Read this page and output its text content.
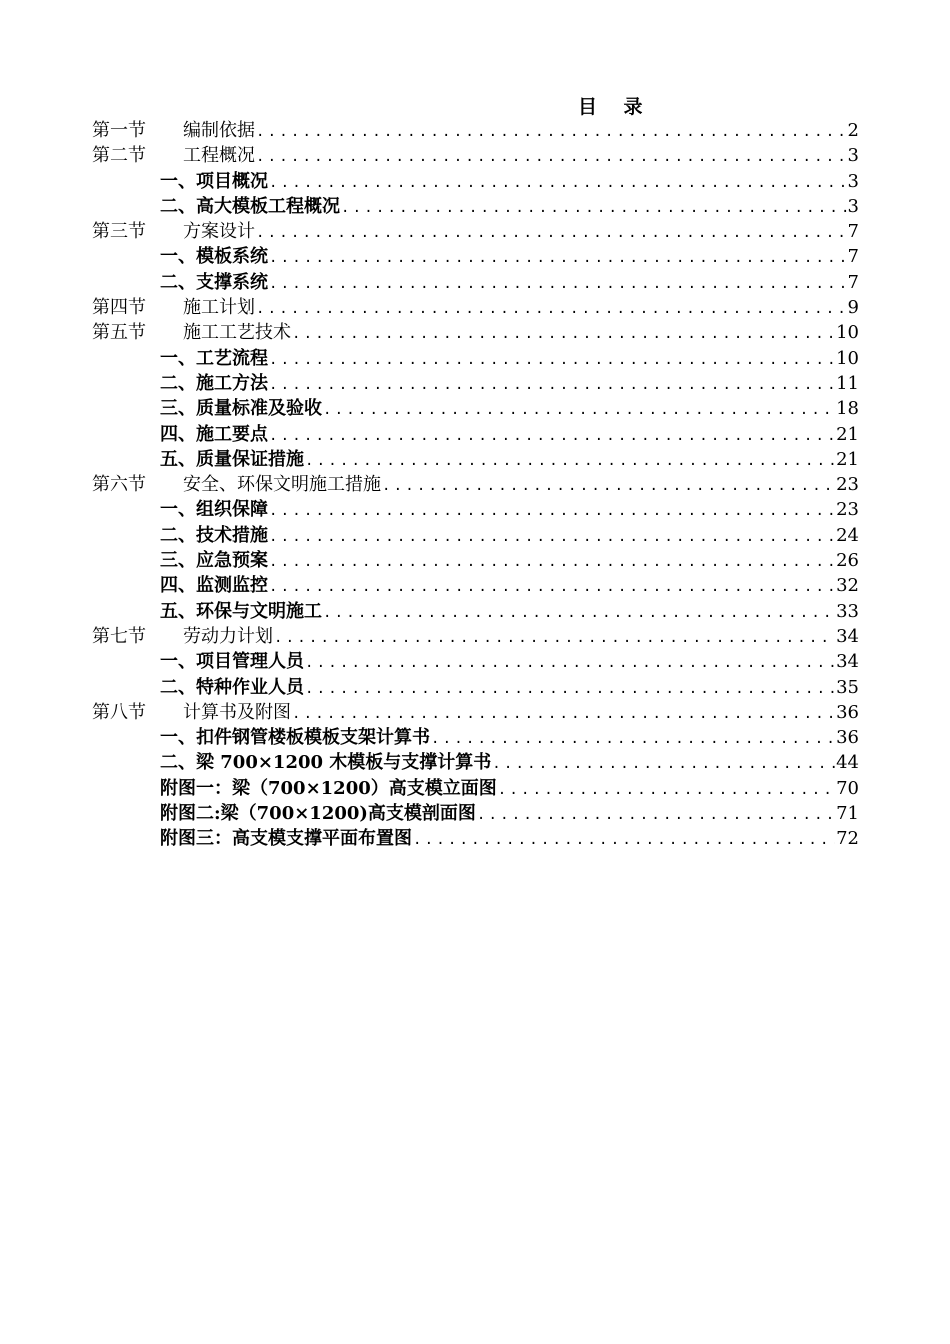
目    录
第一节 编制依据 .....	2
第二节 工程概况 .....	3
一、项目概况 .....	3
二、高大模板工程概况 .....	3
第三节 方案设计 .....	7
一、模板系统 .....	7
二、支撑系统 .....	7
第四节 施工计划 .....	9
第五节 施工工艺技术 .....	10
一、工艺流程 .....	10
二、施工方法 .....	11
三、质量标准及验收 .....	18
四、施工要点 .....	21
五、质量保证措施 .....	21
第六节 安全、环保文明施工措施 .....	23
一、组织保障 .....	23
二、技术措施 .....	24
三、应急预案 .....	26
四、监测监控 .....	32
五、环保与文明施工 .....	33
第七节 劳动力计划 .....	34
一、项目管理人员 .....	34
二、特种作业人员 .....	35
第八节 计算书及附图 .....	36
一、扣件钢管楼板模板支架计算书 .....	36
二、梁 700×1200 木模板与支撑计算书 .....	44
附图一：梁（700×1200）高支模立面图 .....	70
附图二:梁（700×1200)高支模剖面图 .....	71
附图三：高支模支撑平面布置图 .....	72
